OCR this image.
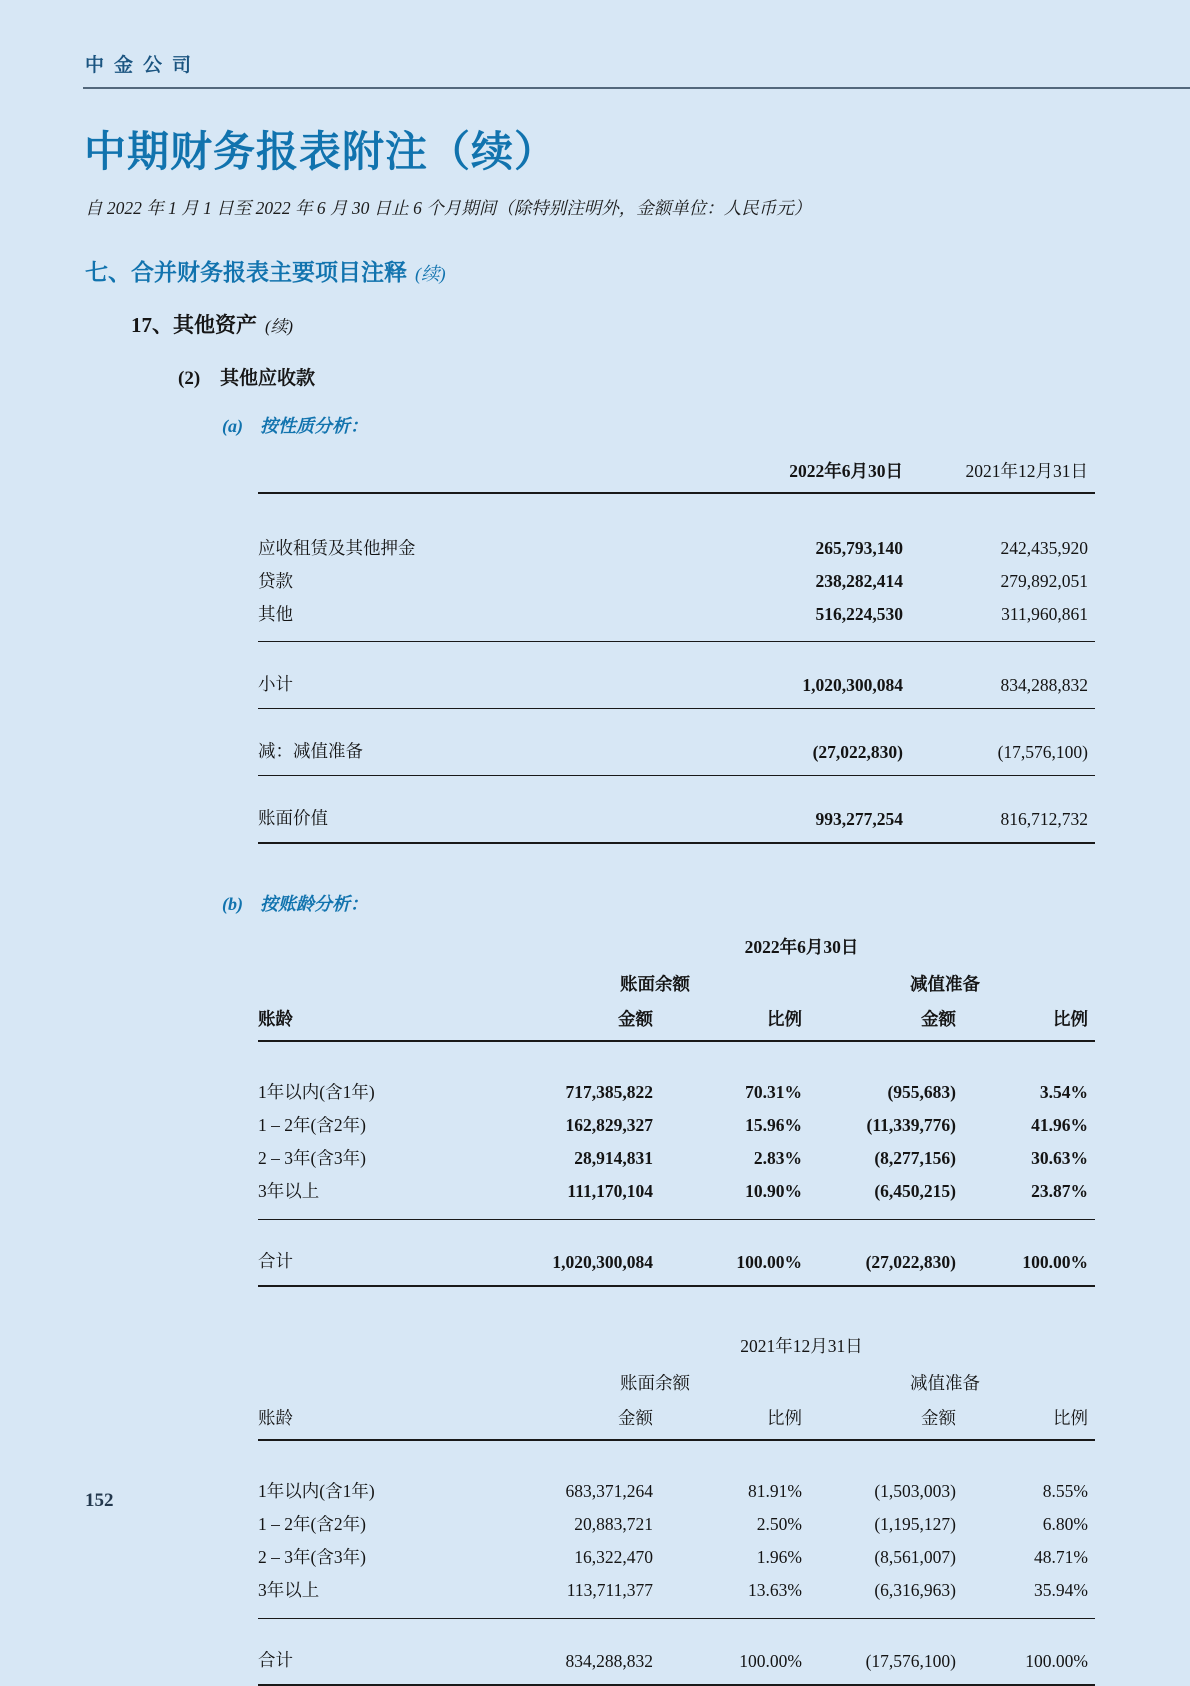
中金公司
中期财务报表附注（续）
自 2022 年 1 月 1 日至 2022 年 6 月 30 日止 6 个月期间（除特别注明外，金额单位：人民币元）
七、合并财务报表主要项目注释 (续)
17、其他资产 (续)
(2) 其他应收款
(a) 按性质分析：
2022年6月30日	2021年12月31日
应收租赁及其他押金	265,793,140	242,435,920
贷款	238,282,414	279,892,051
其他	516,224,530	311,960,861
小计	1,020,300,084	834,288,832
减：减值准备	(27,022,830)	(17,576,100)
账面价值	993,277,254	816,712,732
(b) 按账龄分析：
2022年6月30日
账面余额	减值准备
账龄	金额	比例	金额	比例
1年以内(含1年)	717,385,822	70.31%	(955,683)	3.54%
1 – 2年(含2年)	162,829,327	15.96%	(11,339,776)	41.96%
2 – 3年(含3年)	28,914,831	2.83%	(8,277,156)	30.63%
3年以上	111,170,104	10.90%	(6,450,215)	23.87%
合计	1,020,300,084	100.00%	(27,022,830)	100.00%
2021年12月31日
账面余额	减值准备
账龄	金额	比例	金额	比例
1年以内(含1年)	683,371,264	81.91%	(1,503,003)	8.55%
1 – 2年(含2年)	20,883,721	2.50%	(1,195,127)	6.80%
2 – 3年(含3年)	16,322,470	1.96%	(8,561,007)	48.71%
3年以上	113,711,377	13.63%	(6,316,963)	35.94%
合计	834,288,832	100.00%	(17,576,100)	100.00%
152
